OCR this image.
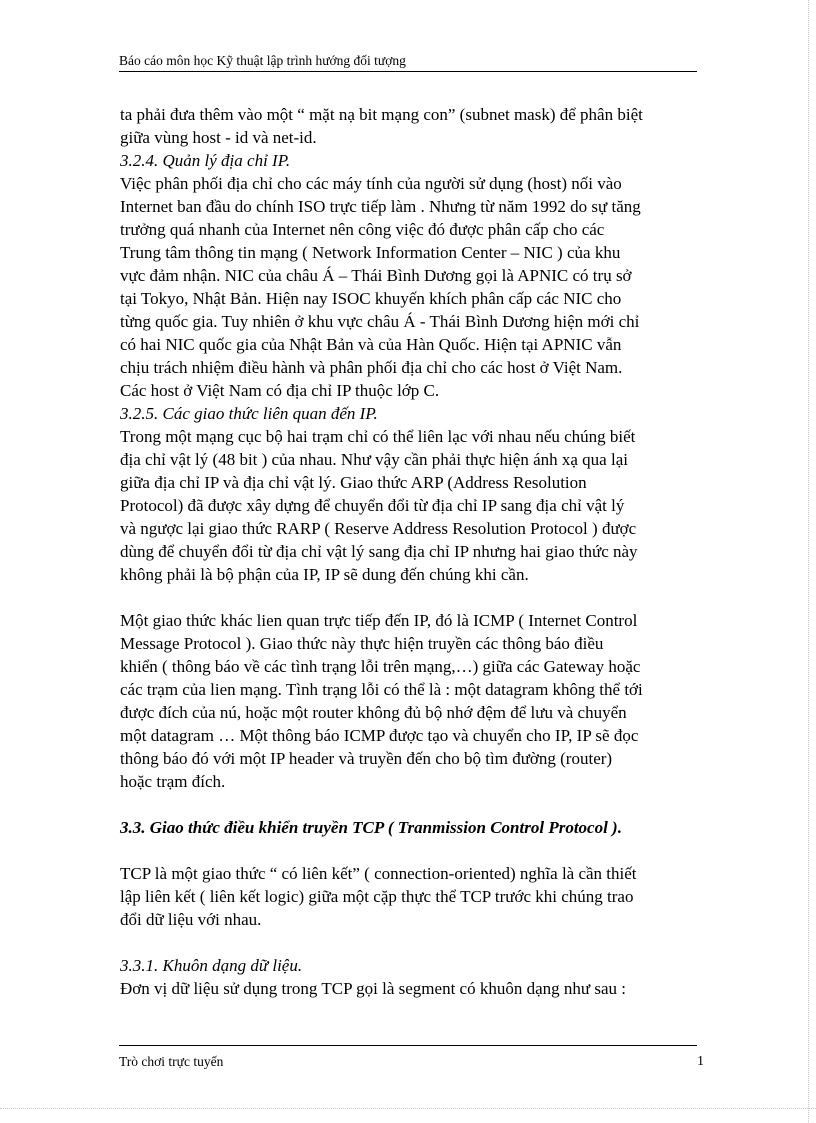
Báo cáo môn học Kỹ thuật lập trình hướng đối tượng

ta phải đưa thêm vào một “ mặt nạ bit mạng con” (subnet mask) để phân biệt

giữa vùng host - id và net-id.

3.2.4. Quản lý địa chỉ IP.

Việc phân phối địa chỉ cho các máy tính của người sử dụng (host) nối vào

Internet ban đầu do chính ISO trực tiếp làm . Nhưng từ năm 1992 do sự tăng

trưởng quá nhanh của Internet nên công việc đó được phân cấp cho các

Trung tâm thông tin mạng ( Network Information Center – NIC ) của khu

vực đảm nhận. NIC của châu Á – Thái Bình Dương gọi là APNIC có trụ sở

tại Tokyo, Nhật Bản. Hiện nay ISOC khuyến khích phân cấp các NIC cho

từng quốc gia. Tuy nhiên ở khu vực châu Á - Thái Bình Dương hiện mới chỉ

có hai NIC quốc gia của Nhật Bản và của Hàn Quốc. Hiện tại APNIC vẫn

chịu trách nhiệm điều hành và phân phối địa chỉ cho các host ở Việt Nam.

Các host ở Việt Nam có địa chỉ IP thuộc lớp C.

3.2.5. Các giao thức liên quan đến IP.

Trong một mạng cục bộ hai trạm chỉ có thể liên lạc với nhau nếu chúng biết

địa chỉ vật lý (48 bit ) của nhau. Như vậy cần phải thực hiện ánh xạ qua lại

giữa địa chỉ IP và địa chỉ vật lý. Giao thức ARP (Address Resolution

Protocol) đã được xây dựng để chuyển đổi từ địa chỉ IP sang địa chỉ vật lý

và ngược lại giao thức RARP ( Reserve Address Resolution Protocol ) được

dùng để chuyển đổi từ địa chỉ vật lý sang địa chỉ IP nhưng hai giao thức này

không phải là bộ phận của IP, IP sẽ dung đến chúng khi cần.

Một giao thức khác lien quan trực tiếp đến IP, đó là ICMP ( Internet Control

Message Protocol ). Giao thức này thực hiện truyền các thông báo điều

khiển ( thông báo về các tình trạng lỗi trên mạng,…) giữa các Gateway hoặc

các trạm của lien mạng. Tình trạng lỗi có thể là : một datagram không thể tới

được đích của nú, hoặc một router không đủ bộ nhớ đệm để lưu và chuyển

một datagram … Một thông báo ICMP được tạo và chuyển cho IP, IP sẽ đọc

thông báo đó với một IP header và truyền đến cho bộ tìm đường (router)

hoặc trạm đích.

3.3. Giao thức điều khiển truyền TCP ( Tranmission Control Protocol ).

TCP là một giao thức “ có liên kết” ( connection-oriented) nghĩa là cần thiết

lập liên kết ( liên kết logic) giữa một cặp thực thể TCP trước khi chúng trao

đổi dữ liệu với nhau.

3.3.1. Khuôn dạng dữ liệu.

Đơn vị dữ liệu sử dụng trong TCP gọi là segment có khuôn dạng như sau :

Trò chơi trực tuyến	1
